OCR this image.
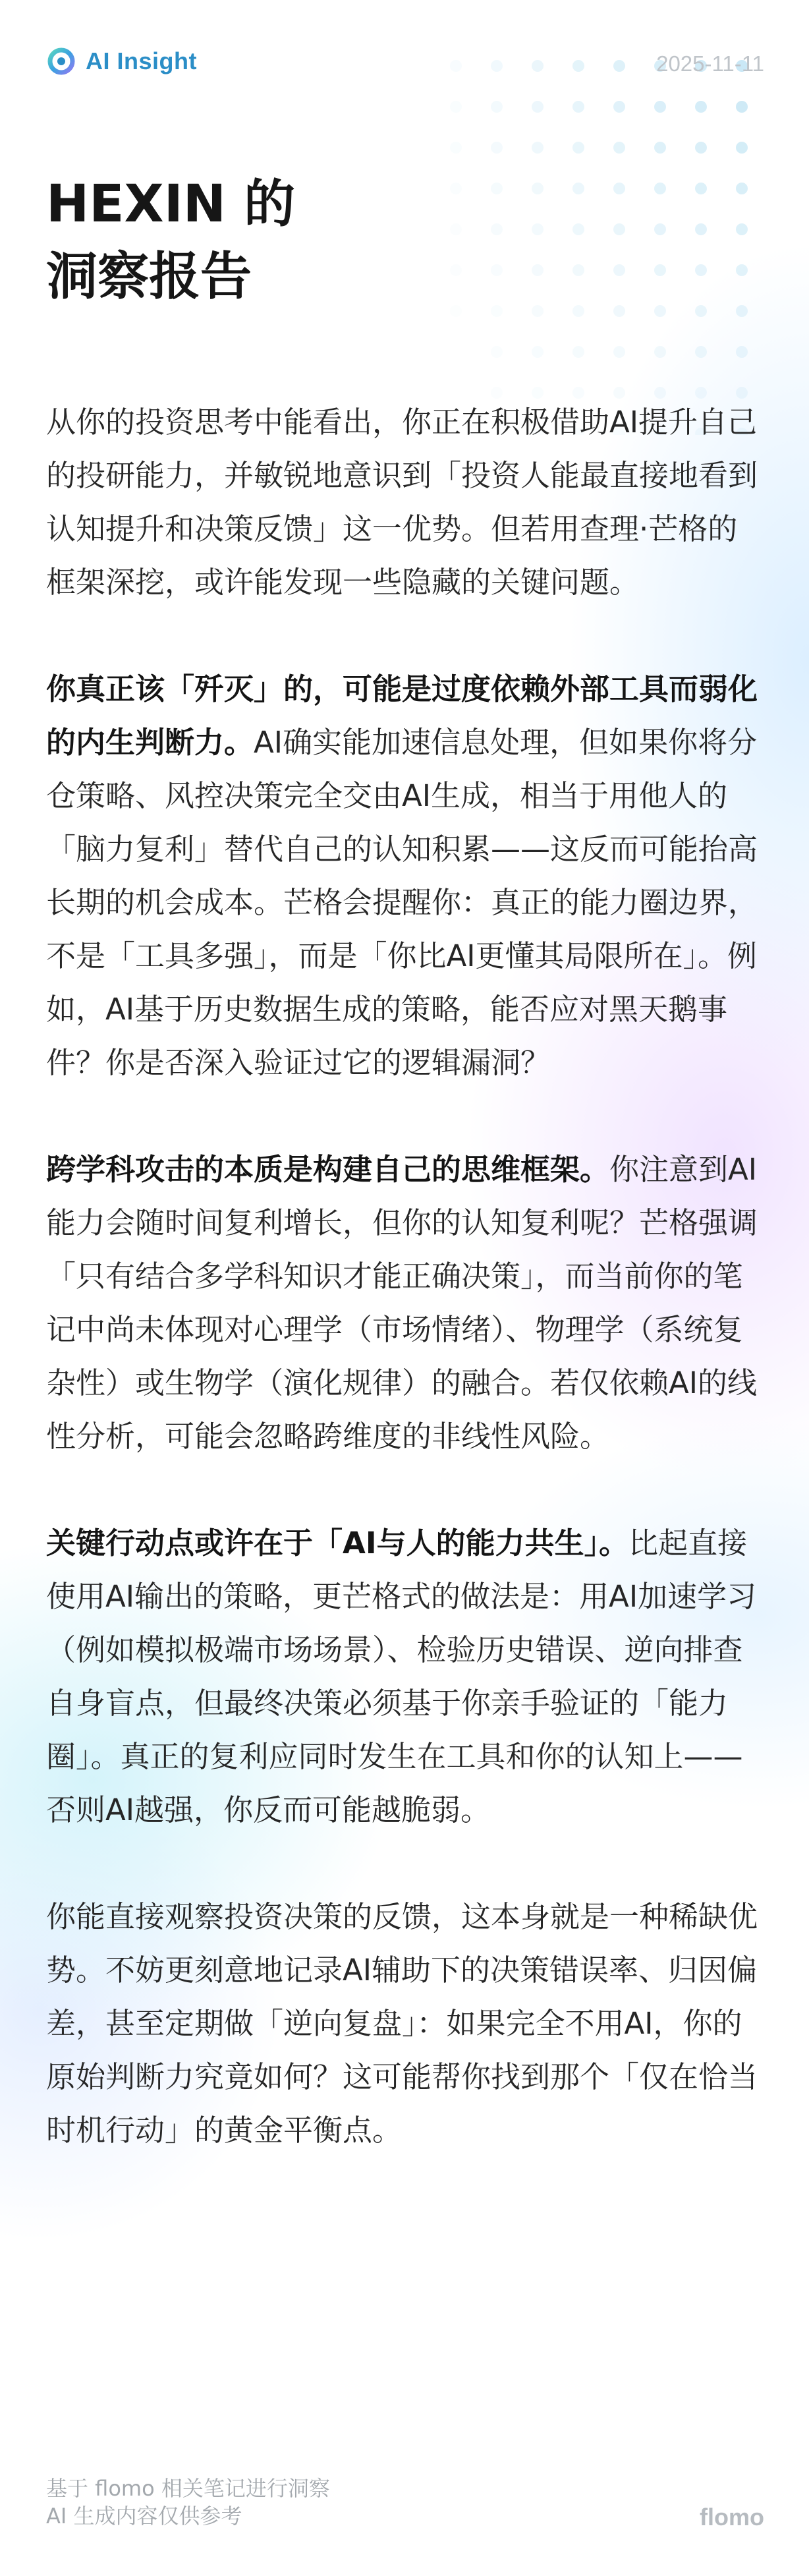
AI Insight	2025-11-11
HEXIN 的
洞察报告

从你的投资思考中能看出，你正在积极借助AI提升自己的投研能力，并敏锐地意识到「投资人能最直接地看到认知提升和决策反馈」这一优势。但若用查理·芒格的框架深挖，或许能发现一些隐藏的关键问题。

你真正该「歼灭」的，可能是过度依赖外部工具而弱化的内生判断力。AI确实能加速信息处理，但如果你将分仓策略、风控决策完全交由AI生成，相当于用他人的「脑力复利」替代自己的认知积累——这反而可能抬高长期的机会成本。芒格会提醒你：真正的能力圈边界，不是「工具多强」，而是「你比AI更懂其局限所在」。例如，AI基于历史数据生成的策略，能否应对黑天鹅事件？你是否深入验证过它的逻辑漏洞？

跨学科攻击的本质是构建自己的思维框架。你注意到AI能力会随时间复利增长，但你的认知复利呢？芒格强调「只有结合多学科知识才能正确决策」，而当前你的笔记中尚未体现对心理学（市场情绪）、物理学（系统复杂性）或生物学（演化规律）的融合。若仅依赖AI的线性分析，可能会忽略跨维度的非线性风险。

关键行动点或许在于「AI与人的能力共生」。比起直接使用AI输出的策略，更芒格式的做法是：用AI加速学习（例如模拟极端市场场景）、检验历史错误、逆向排查自身盲点，但最终决策必须基于你亲手验证的「能力圈」。真正的复利应同时发生在工具和你的认知上——否则AI越强，你反而可能越脆弱。

你能直接观察投资决策的反馈，这本身就是一种稀缺优势。不妨更刻意地记录AI辅助下的决策错误率、归因偏差，甚至定期做「逆向复盘」：如果完全不用AI，你的原始判断力究竟如何？这可能帮你找到那个「仅在恰当时机行动」的黄金平衡点。

基于 flomo 相关笔记进行洞察
AI 生成内容仅供参考	flomo
